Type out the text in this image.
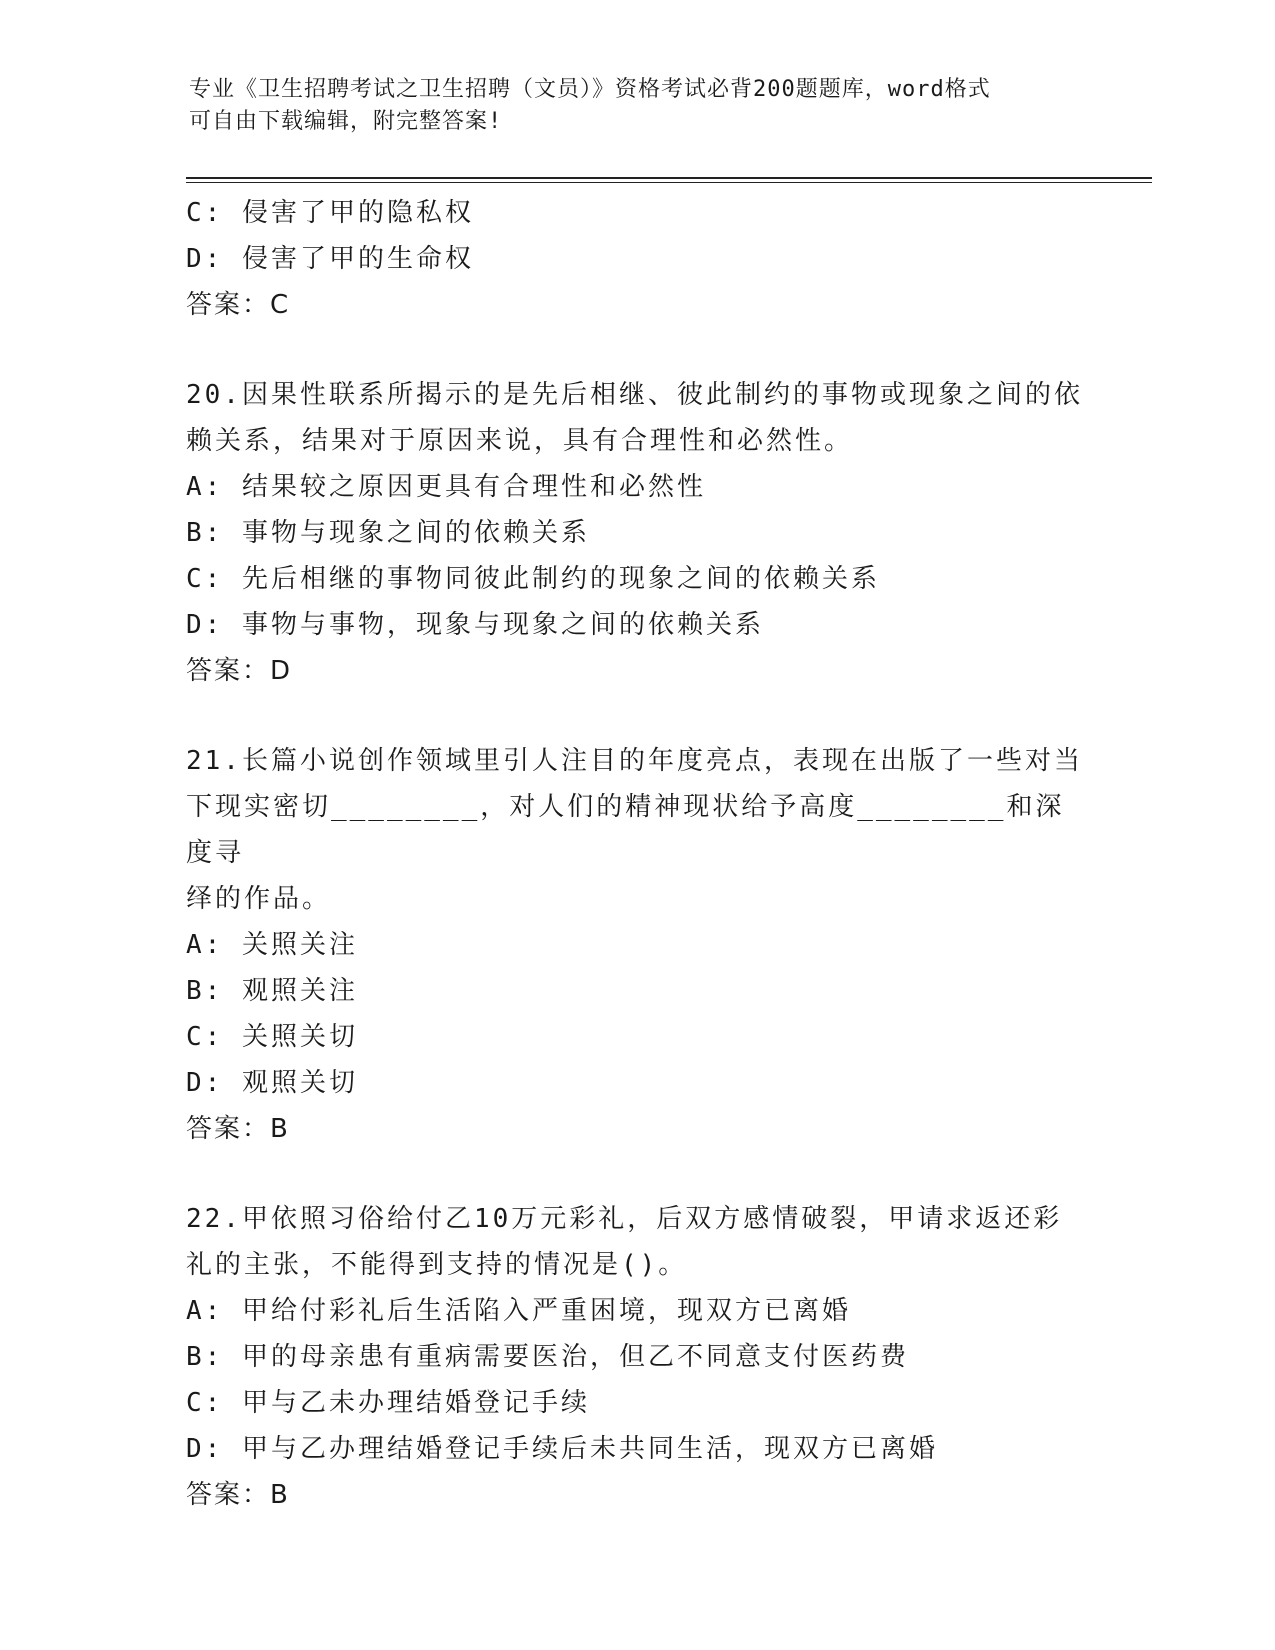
专业《卫生招聘考试之卫生招聘（文员）》资格考试必背200题题库，word格式
可自由下载编辑，附完整答案!
C: 侵害了甲的隐私权
D: 侵害了甲的生命权
答案：C
20.因果性联系所揭示的是先后相继、彼此制约的事物或现象之间的依
赖关系，结果对于原因来说，具有合理性和必然性。
A: 结果较之原因更具有合理性和必然性
B: 事物与现象之间的依赖关系
C: 先后相继的事物同彼此制约的现象之间的依赖关系
D: 事物与事物，现象与现象之间的依赖关系
答案：D
21.长篇小说创作领域里引人注目的年度亮点，表现在出版了一些对当
下现实密切________，对人们的精神现状给予高度________和深度寻
绎的作品。
A: 关照关注
B: 观照关注
C: 关照关切
D: 观照关切
答案：B
22.甲依照习俗给付乙10万元彩礼，后双方感情破裂，甲请求返还彩
礼的主张，不能得到支持的情况是()。
A: 甲给付彩礼后生活陷入严重困境，现双方已离婚
B: 甲的母亲患有重病需要医治，但乙不同意支付医药费
C: 甲与乙未办理结婚登记手续
D: 甲与乙办理结婚登记手续后未共同生活，现双方已离婚
答案：B
